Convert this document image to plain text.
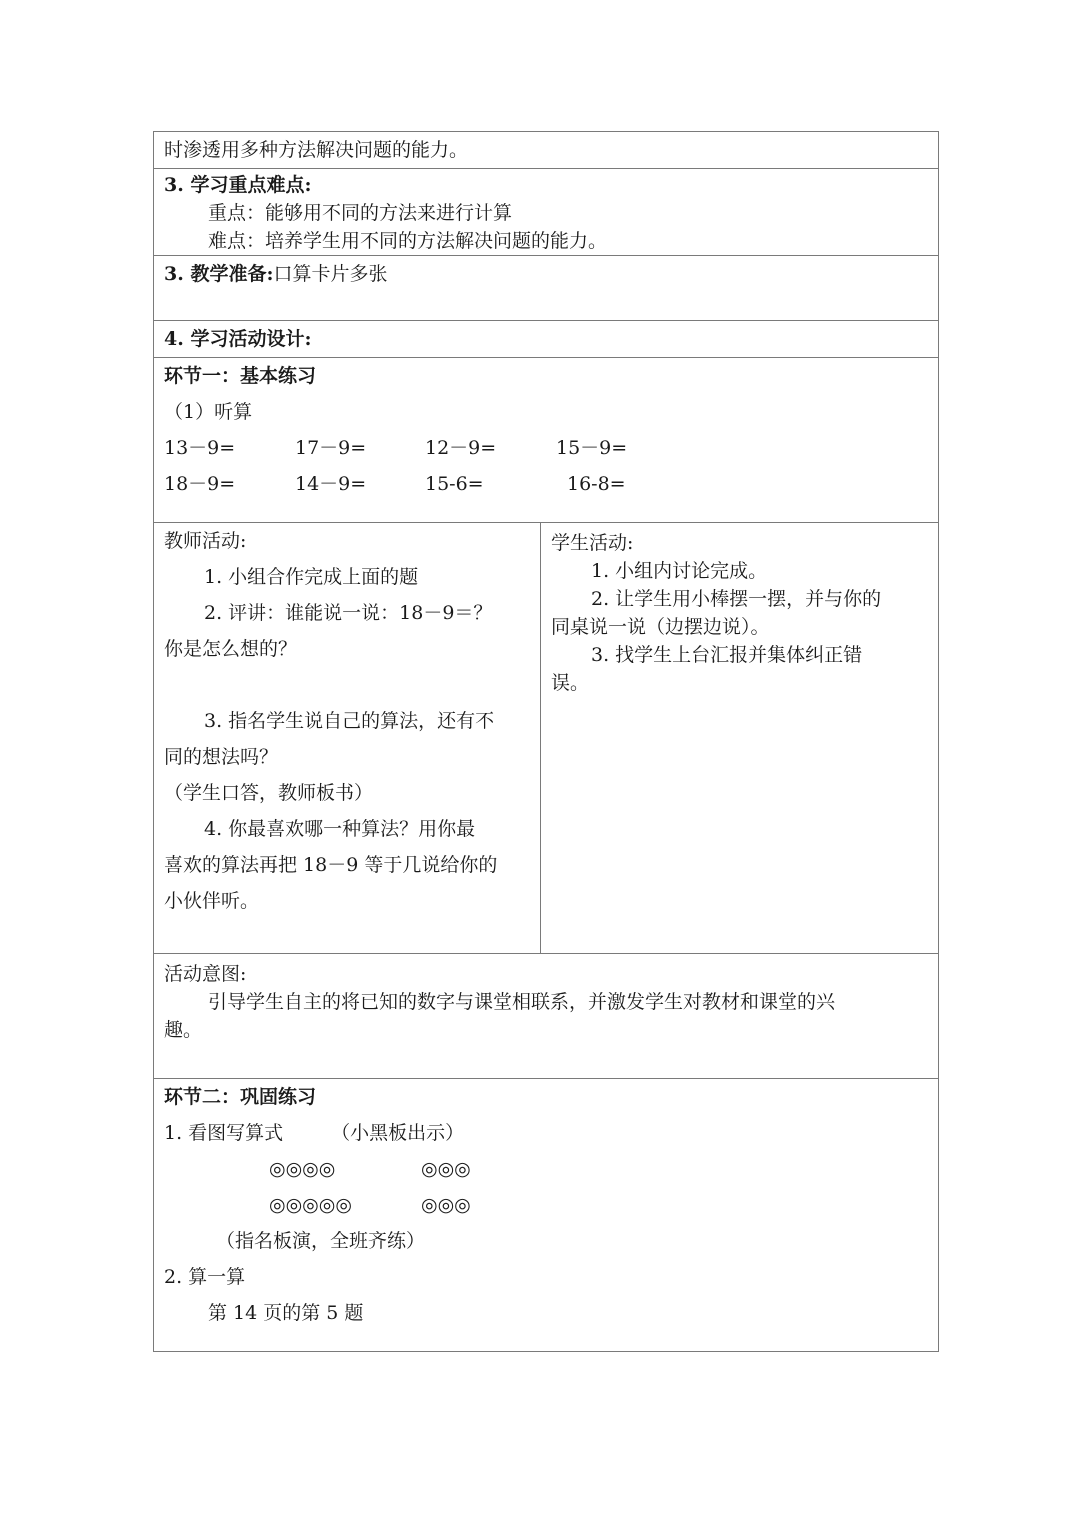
时渗透用多种方法解决问题的能力。

3. 学习重点难点:
重点：能够用不同的方法来进行计算
难点：培养学生用不同的方法解决问题的能力。

3. 教学准备:口算卡片多张

4. 学习活动设计:

环节一：基本练习
（1）听算
13－9=	17－9=	12－9=	15－9=
18－9=	14－9=	15-6=	16-8=

教师活动:
1. 小组合作完成上面的题
2. 评讲：谁能说一说：18－9＝？
你是怎么想的？
3. 指名学生说自己的算法，还有不
同的想法吗？
（学生口答，教师板书）
4. 你最喜欢哪一种算法？用你最
喜欢的算法再把 18－9 等于几说给你的
小伙伴听。

学生活动:
1. 小组内讨论完成。
2. 让学生用小棒摆一摆，并与你的
同桌说一说（边摆边说）。
3. 找学生上台汇报并集体纠正错
误。

活动意图:
引导学生自主的将已知的数字与课堂相联系，并激发学生对教材和课堂的兴
趣。

环节二：巩固练习
1. 看图写算式	（小黑板出示）
◎◎◎◎	◎◎◎
◎◎◎◎◎	◎◎◎
（指名板演，全班齐练）
2. 算一算
第 14 页的第 5 题
